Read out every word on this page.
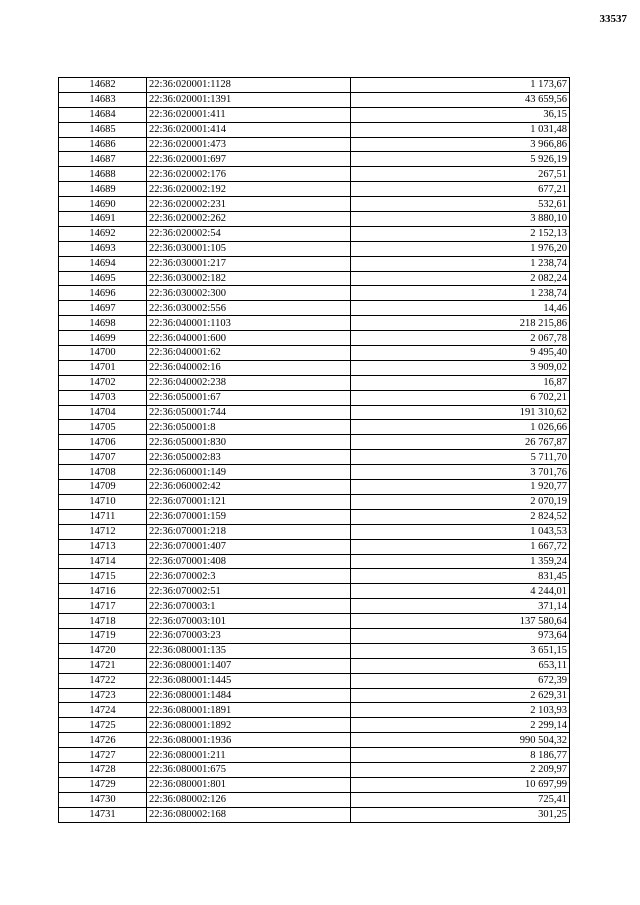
33537
14682	22:36:020001:1128	1 173,67
14683	22:36:020001:1391	43 659,56
14684	22:36:020001:411	36,15
14685	22:36:020001:414	1 031,48
14686	22:36:020001:473	3 966,86
14687	22:36:020001:697	5 926,19
14688	22:36:020002:176	267,51
14689	22:36:020002:192	677,21
14690	22:36:020002:231	532,61
14691	22:36:020002:262	3 880,10
14692	22:36:020002:54	2 152,13
14693	22:36:030001:105	1 976,20
14694	22:36:030001:217	1 238,74
14695	22:36:030002:182	2 082,24
14696	22:36:030002:300	1 238,74
14697	22:36:030002:556	14,46
14698	22:36:040001:1103	218 215,86
14699	22:36:040001:600	2 067,78
14700	22:36:040001:62	9 495,40
14701	22:36:040002:16	3 909,02
14702	22:36:040002:238	16,87
14703	22:36:050001:67	6 702,21
14704	22:36:050001:744	191 310,62
14705	22:36:050001:8	1 026,66
14706	22:36:050001:830	26 767,87
14707	22:36:050002:83	5 711,70
14708	22:36:060001:149	3 701,76
14709	22:36:060002:42	1 920,77
14710	22:36:070001:121	2 070,19
14711	22:36:070001:159	2 824,52
14712	22:36:070001:218	1 043,53
14713	22:36:070001:407	1 667,72
14714	22:36:070001:408	1 359,24
14715	22:36:070002:3	831,45
14716	22:36:070002:51	4 244,01
14717	22:36:070003:1	371,14
14718	22:36:070003:101	137 580,64
14719	22:36:070003:23	973,64
14720	22:36:080001:135	3 651,15
14721	22:36:080001:1407	653,11
14722	22:36:080001:1445	672,39
14723	22:36:080001:1484	2 629,31
14724	22:36:080001:1891	2 103,93
14725	22:36:080001:1892	2 299,14
14726	22:36:080001:1936	990 504,32
14727	22:36:080001:211	8 186,77
14728	22:36:080001:675	2 209,97
14729	22:36:080001:801	10 697,99
14730	22:36:080002:126	725,41
14731	22:36:080002:168	301,25
